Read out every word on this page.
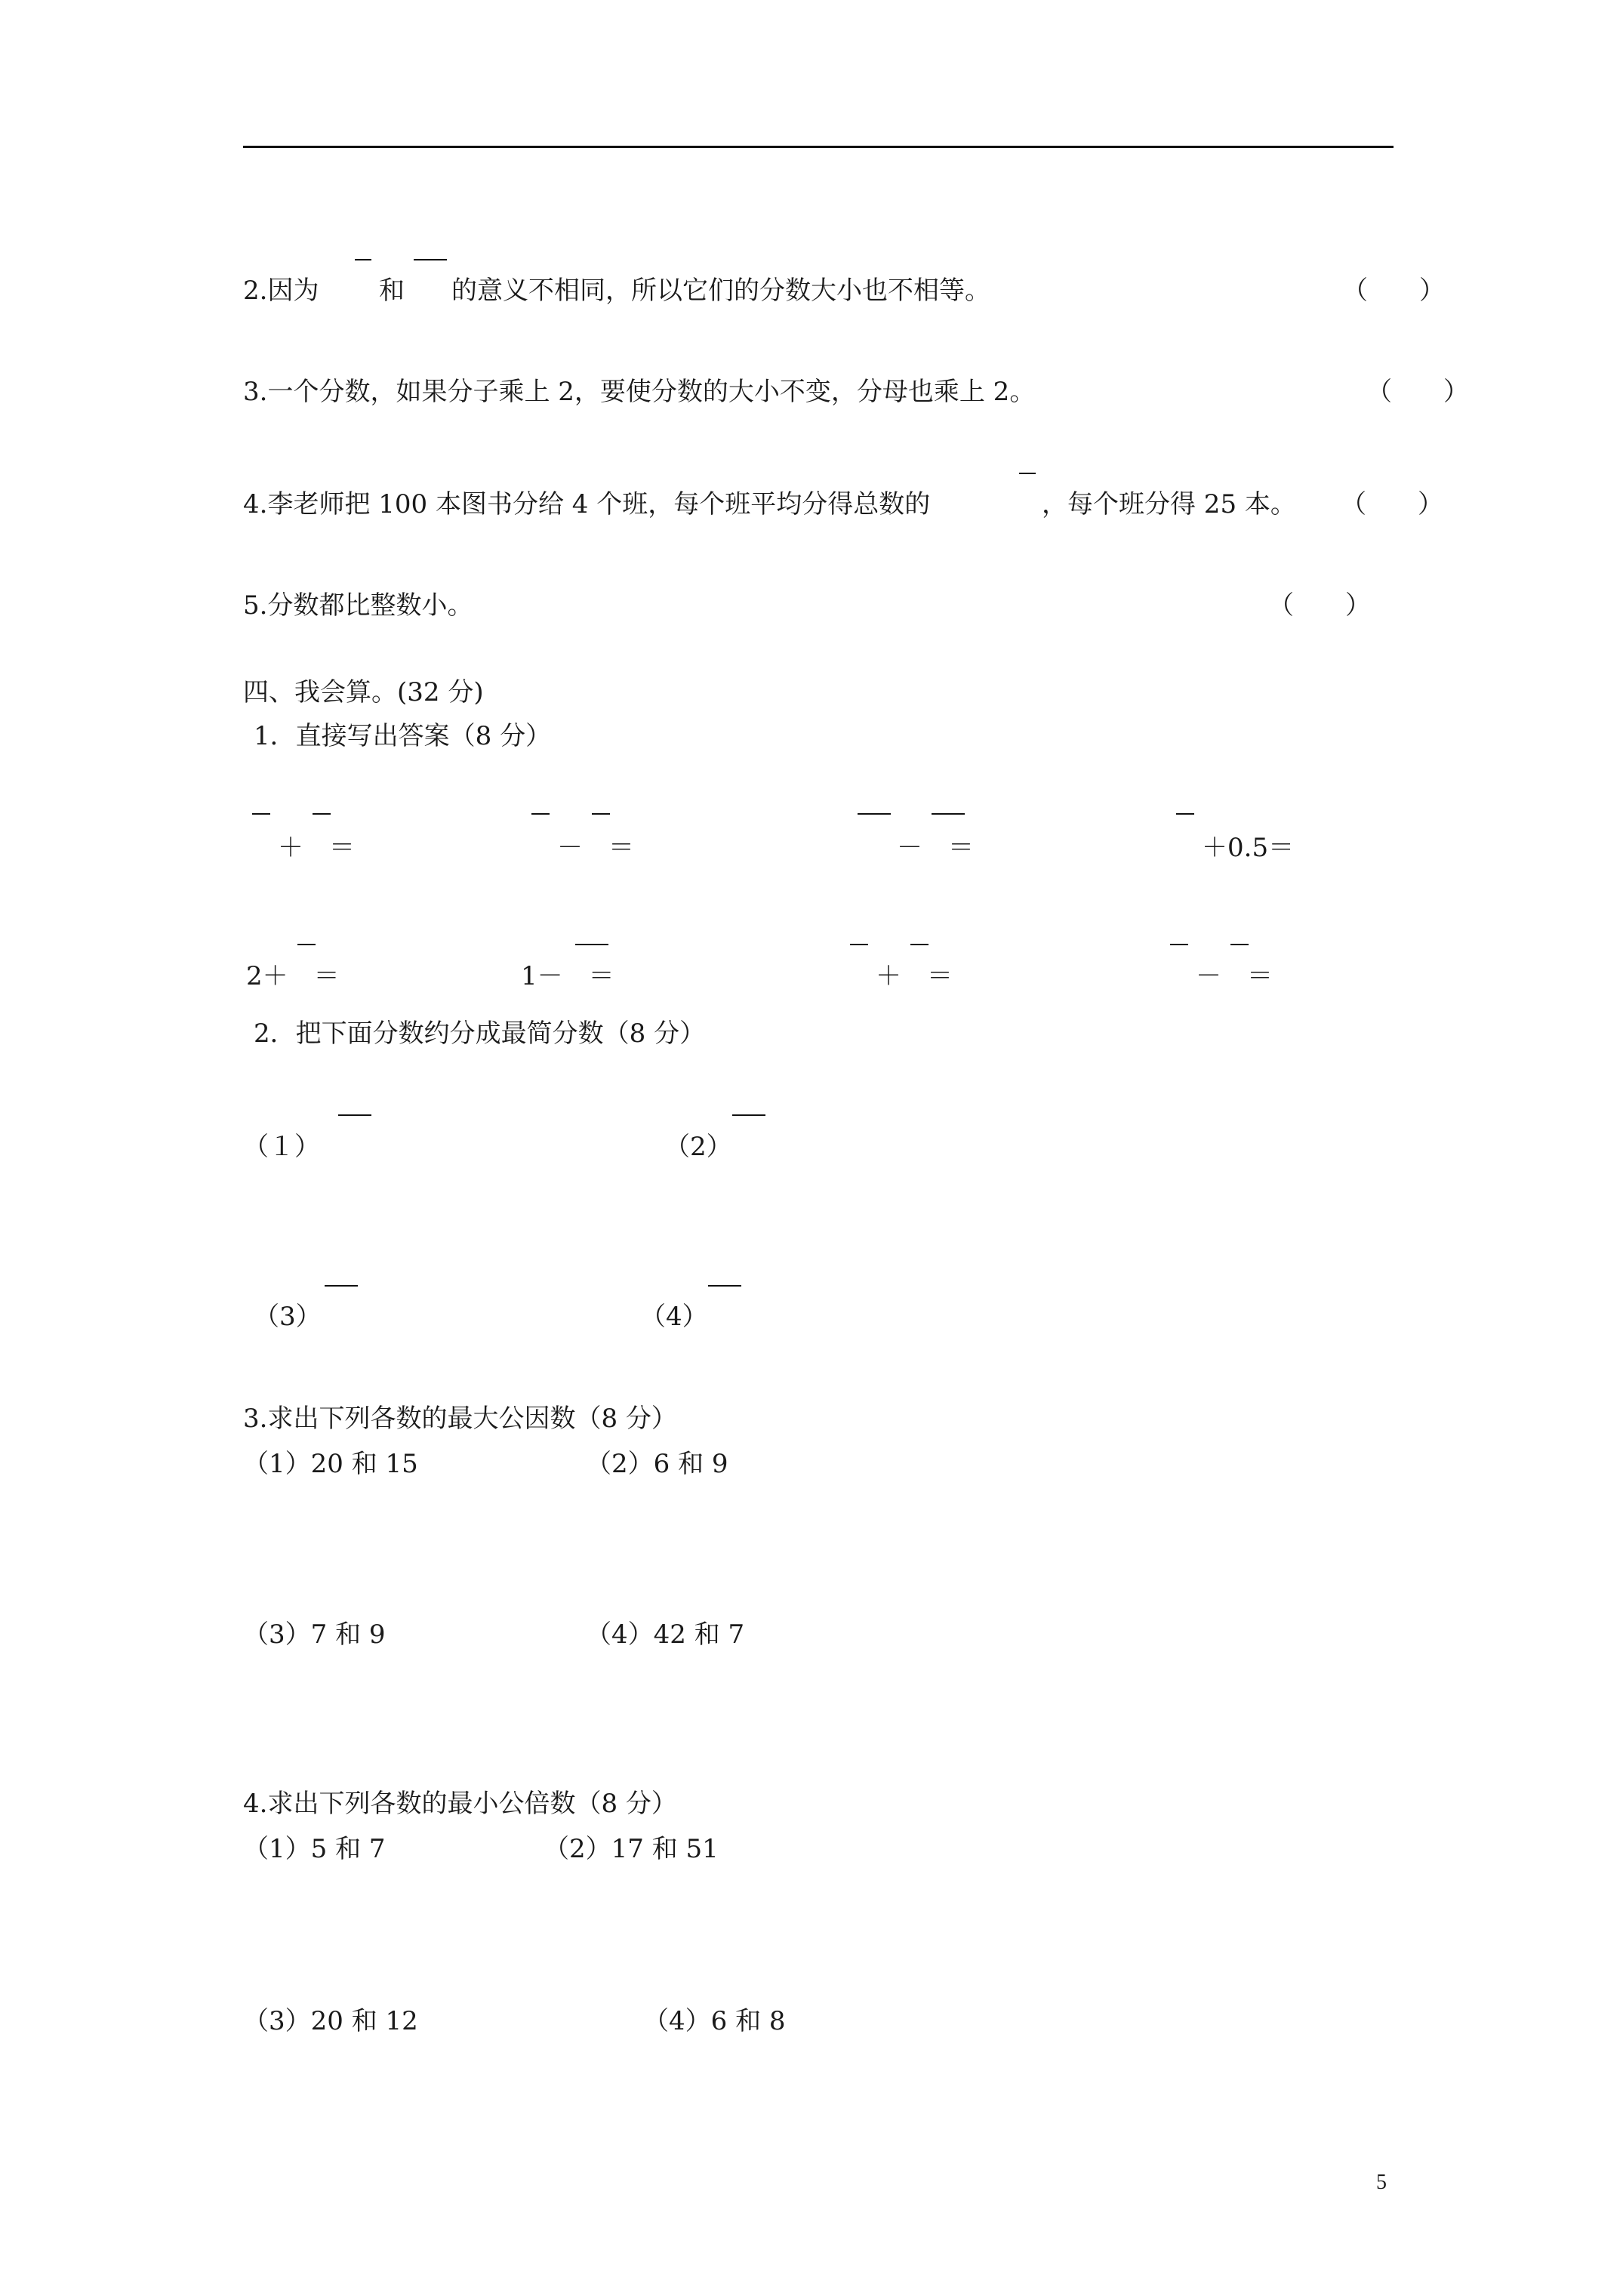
2.因为 和 的意义不相同，所以它们的分数大小也不相等。	（　　）
3.一个分数，如果分子乘上 2，要使分数的大小不变，分母也乘上 2。	（　　）
4.李老师把 100 本图书分给 4 个班，每个班平均分得总数的	，每个班分得 25 本。 （　　）
5.分数都比整数小。	（　　）
四、我会算。(32 分)
1．直接写出答案（8 分）
＋　＝	－　＝	－　＝	＋0.5＝
2＋　＝	1－　＝	＋　＝	－　＝
2．把下面分数约分成最简分数（8 分）
（１）	（2）
（3）	（4）
3.求出下列各数的最大公因数（8 分）
（1）20 和 15	（2）6 和 9
（3）7 和 9	（4）42 和 7
4.求出下列各数的最小公倍数（8 分）
（1）5 和 7	（2）17 和 51
（3）20 和 12	（4）6 和 8
5
